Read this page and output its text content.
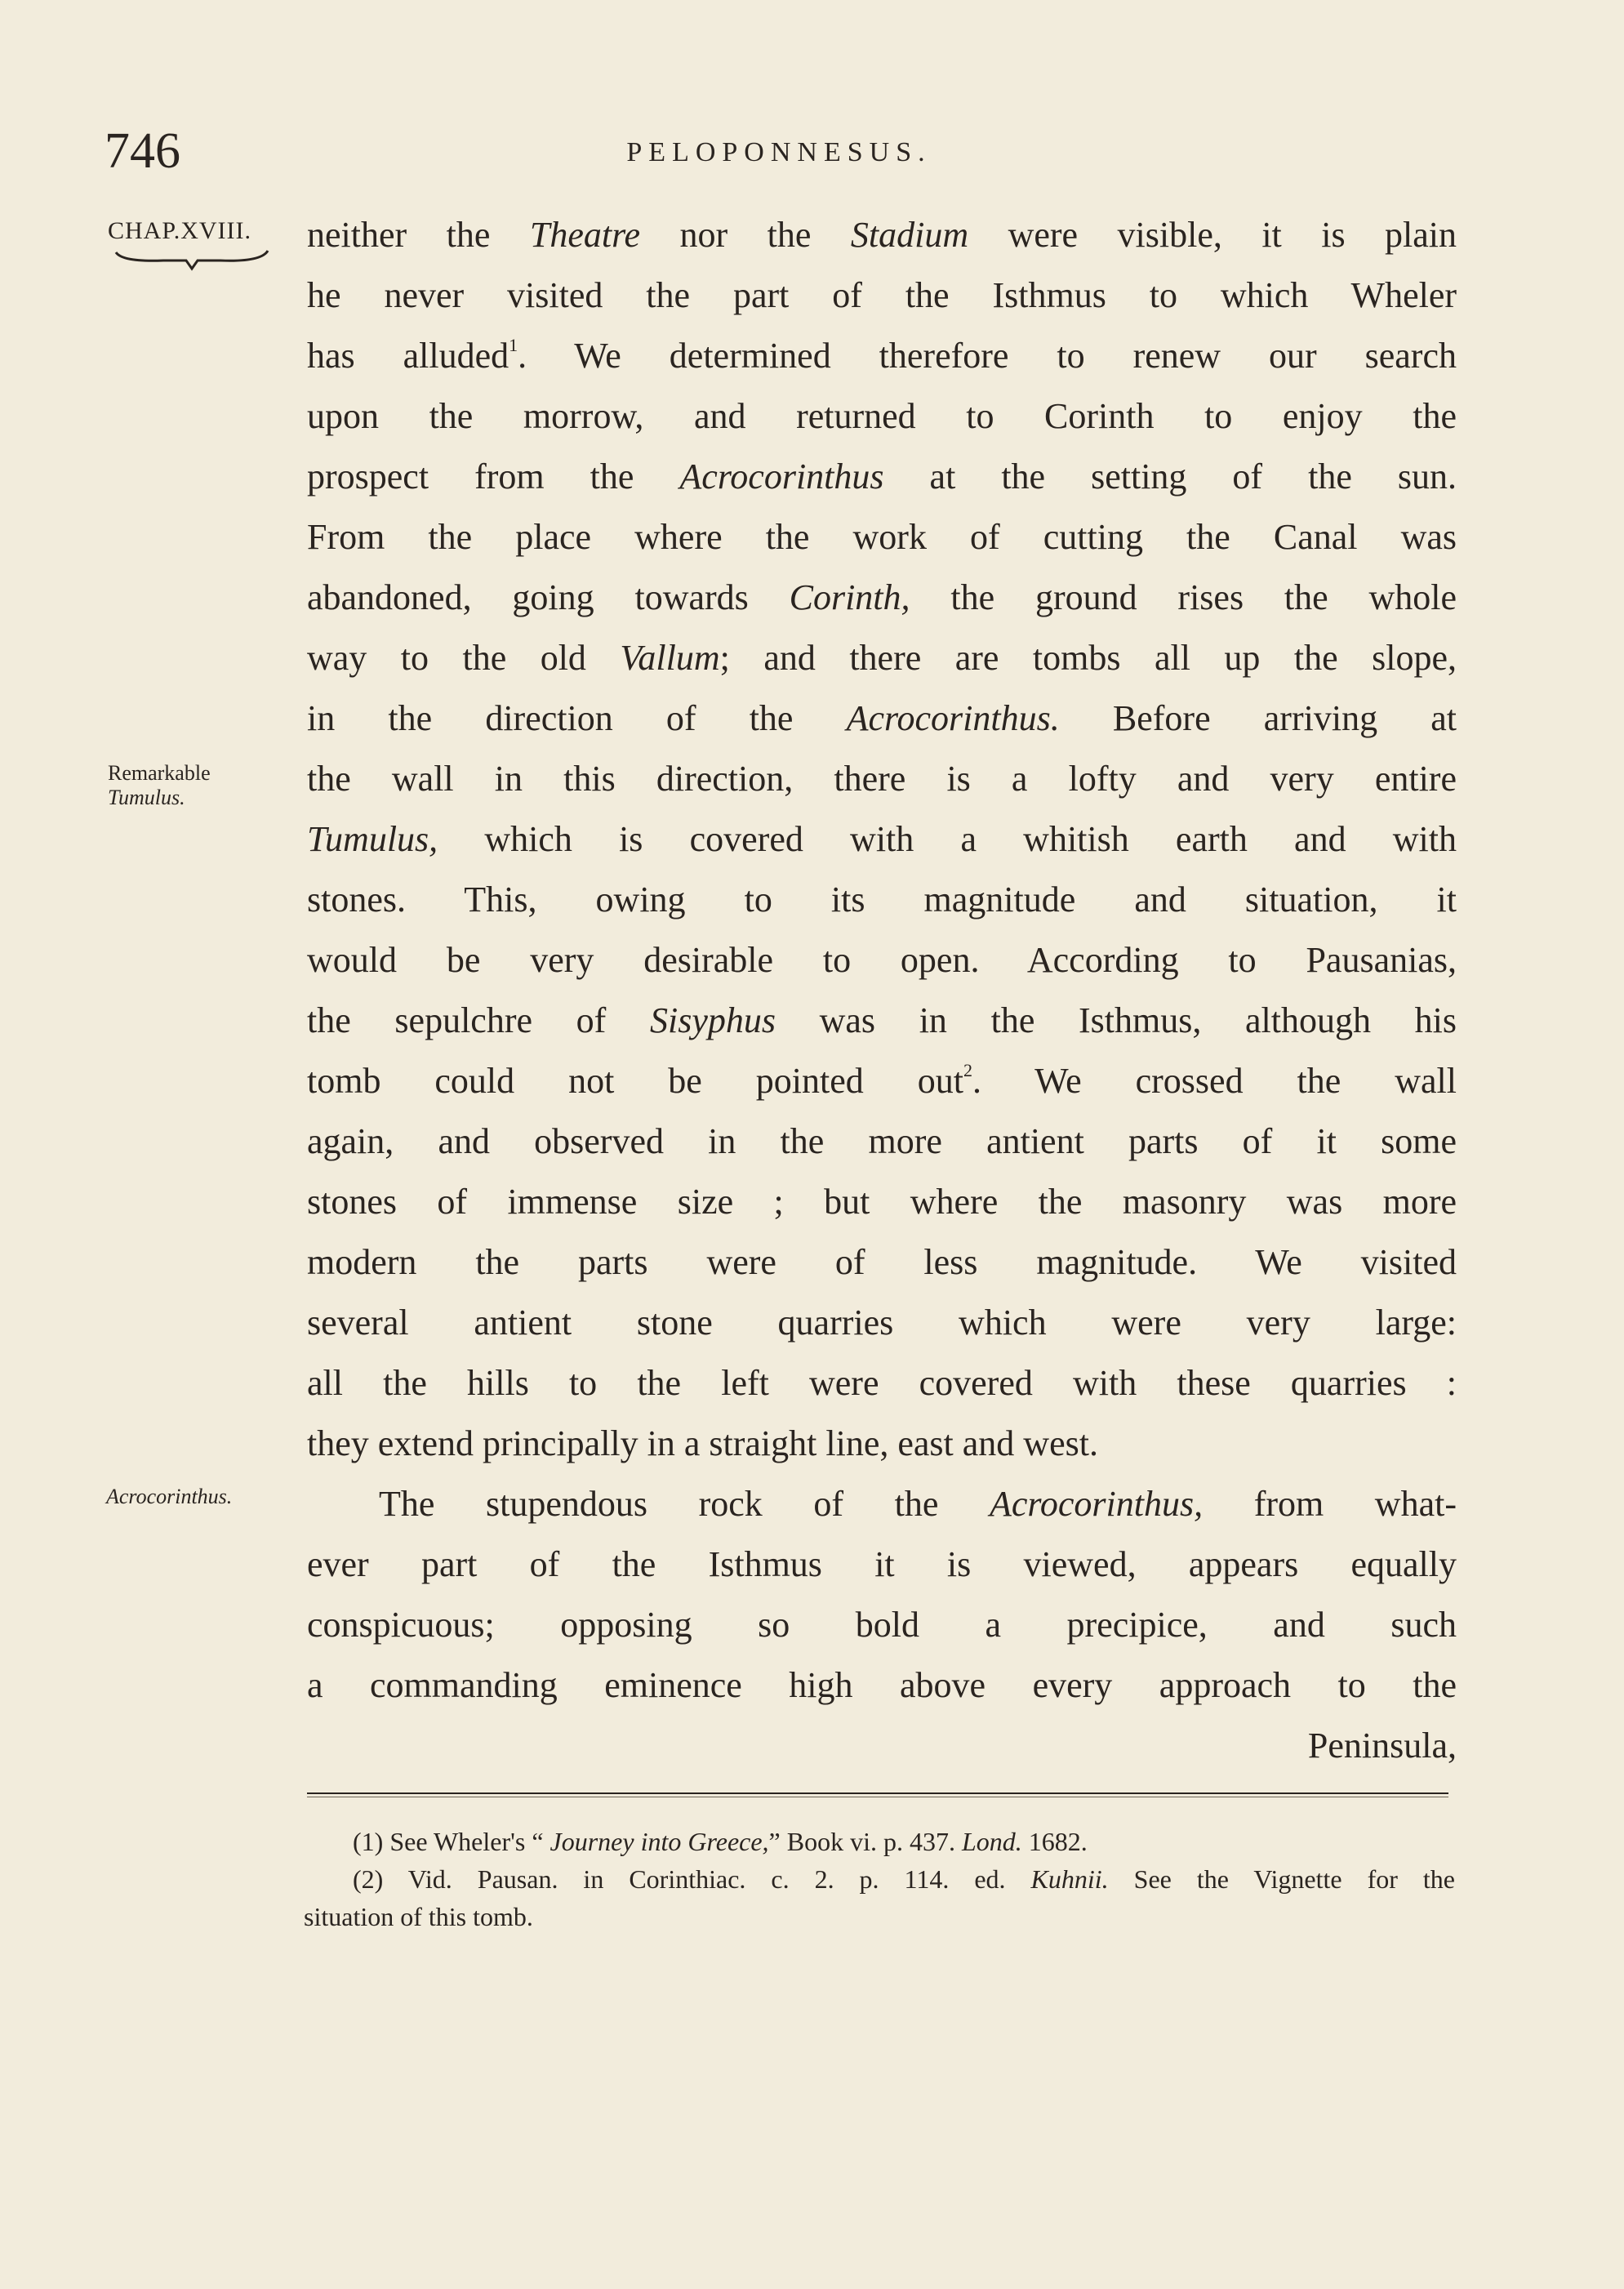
746	PELOPONNESUS.
CHAP.XVIII.
Remarkable
Tumulus.
Acrocorinthus.
neither the Theatre nor the Stadium were visible, it is plain
he never visited the part of the Isthmus to which Wheler
has alluded$^1$. We determined therefore to renew our search
upon the morrow, and returned to Corinth to enjoy the
prospect from the Acrocorinthus at the setting of the sun.
From the place where the work of cutting the Canal was
abandoned, going towards Corinth, the ground rises the whole
way to the old Vallum; and there are tombs all up the slope,
in the direction of the Acrocorinthus. Before arriving at
the wall in this direction, there is a lofty and very entire
Tumulus, which is covered with a whitish earth and with
stones. This, owing to its magnitude and situation, it
would be very desirable to open. According to Pausanias,
the sepulchre of Sisyphus was in the Isthmus, although his
tomb could not be pointed out$^2$. We crossed the wall
again, and observed in the more antient parts of it some
stones of immense size ; but where the masonry was more
modern the parts were of less magnitude. We visited
several antient stone quarries which were very large:
all the hills to the left were covered with these quarries :
they extend principally in a straight line, east and west.
The stupendous rock of the Acrocorinthus, from what-
ever part of the Isthmus it is viewed, appears equally
conspicuous; opposing so bold a precipice, and such
a commanding eminence high above every approach to the
Peninsula,
(1) See Wheler's “ Journey into Greece,” Book vi. p. 437. Lond. 1682.
(2) Vid. Pausan. in Corinthiac. c. 2. p. 114. ed. Kuhnii. See the Vignette for the
situation of this tomb.
